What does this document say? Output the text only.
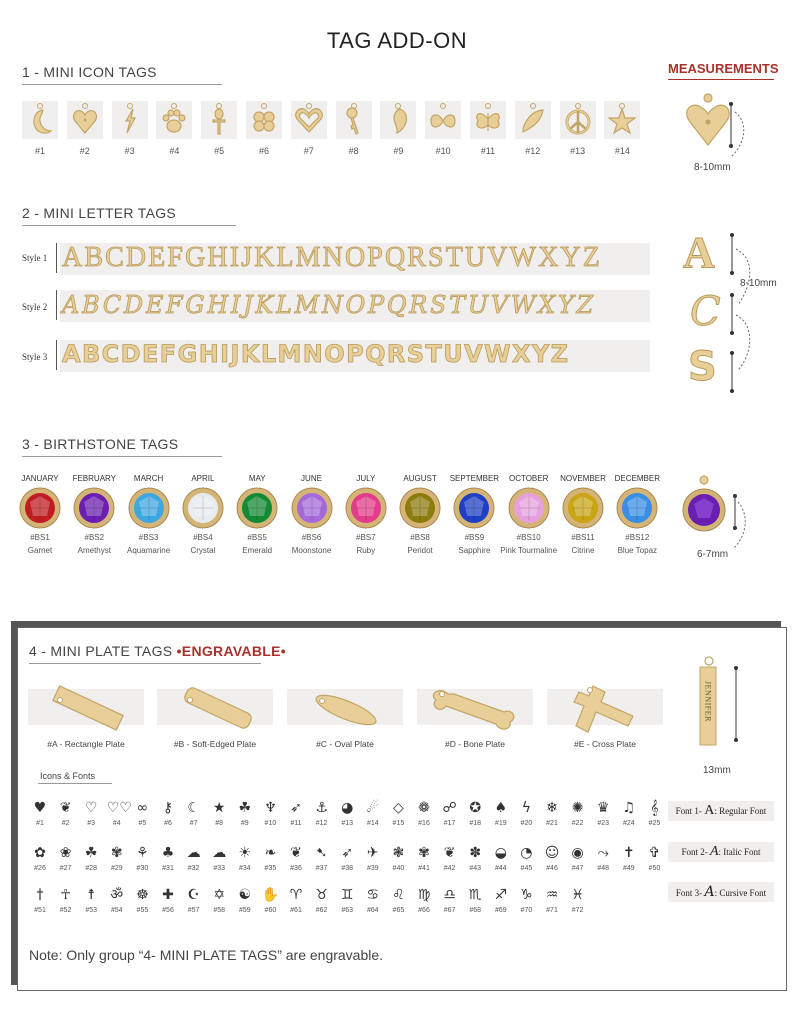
TAG ADD-ON
MEASUREMENTS
1 - MINI ICON TAGS
#1	#2	#3	#4	#5	#6	#7	#8	#9	#10	#11	#12	#13	#14
8-10mm
2 - MINI LETTER TAGS
Style 1 ABCDEFGHIJKLMNOPQRSTUVWXYZ
Style 2 ABCDEFGHIJKLMNOPQRSTUVWXYZ
Style 3 ABCDEFGHIJKLMNOPQRSTUVWXYZ
A
C
S
8-10mm
3 - BIRTHSTONE TAGS
JANUARY
#BS1
Garnet
FEBRUARY
#BS2
Amethyst
MARCH
#BS3
Aquamarine
APRIL
#BS4
Crystal
MAY
#BS5
Emerald
JUNE
#BS6
Moonstone
JULY
#BS7
Ruby
AUGUST
#BS8
Peridot
SEPTEMBER
#BS9
Sapphire
OCTOBER
#BS10
Pink Tourmaline
NOVEMBER
#BS11
Citrine
DECEMBER
#BS12
Blue Topaz	6-7mm
4 - MINI PLATE TAGS •ENGRAVABLE•
#A - Rectangle Plate	#B - Soft-Edged Plate	#C - Oval Plate	#D - Bone Plate	#E - Cross Plate
JENNIFER
13mm
Icons & Fonts
♥
#1
❦
#2
♡
#3
♡♡
#4
∞
#5
⚷
#6
☾
#7
★
#8
☘
#9
♆
#10
➶
#11
⚓
#12
◕
#13
☄
#14
◇
#15
❁
#16
☍
#17
✪
#18
♠
#19
ϟ
#20
❄
#21
✺
#22
♛
#23
♫
#24
𝄞
#25
✿
#26
❀
#27
☘
#28
✾
#29
⚘
#30
♣
#31
☁
#32
☁
#33
☀
#34
❧
#35
❦
#36
➷
#37
➶
#38
✈
#39
❃
#40
✾
#41
❦
#42
✽
#43
◒
#44
◔
#45
☺
#46
◉
#47
⤳
#48
✝
#49
✞
#50
†
#51
☥
#52
☨
#53
ॐ
#54
☸
#55
✚
#56
☪
#57
✡
#58
☯
#59
✋
#60
♈
#61
♉
#62
♊
#63
♋
#64
♌
#65
♍
#66
♎
#67
♏
#68
♐
#69
♑
#70
♒
#71
♓
#72
Font 1- A: Regular Font
Font 2- A: Italic Font
Font 3- A: Cursive Font
Note: Only group “4- MINI PLATE TAGS” are engravable.
